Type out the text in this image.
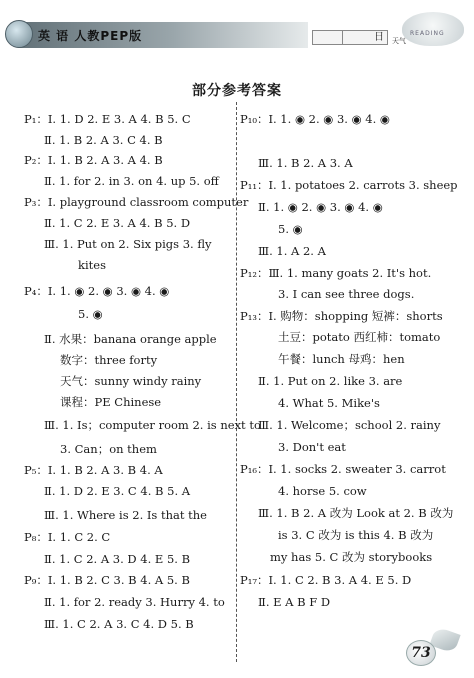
英 语 人教PEP版	日	天气
READING
部分参考答案
P₁：Ⅰ. 1. D 2. E 3. A 4. B 5. C
Ⅱ. 1. B 2. A 3. C 4. B
P₂：Ⅰ. 1. B 2. A 3. A 4. B
Ⅱ. 1. for 2. in 3. on 4. up 5. off
P₃：Ⅰ. playground classroom computer
Ⅱ. 1. C 2. E 3. A 4. B 5. D
Ⅲ. 1. Put on 2. Six pigs 3. fly
kites
P₄：Ⅰ. 1. ◉ 2. ◉ 3. ◉ 4. ◉
5. ◉
Ⅱ. 水果：banana orange apple
数字：three forty
天气：sunny windy rainy
课程：PE Chinese
Ⅲ. 1. Is；computer room 2. is next to
3. Can；on them
P₅：Ⅰ. 1. B 2. A 3. B 4. A
Ⅱ. 1. D 2. E 3. C 4. B 5. A
Ⅲ. 1. Where is 2. Is that the
P₈：Ⅰ. 1. C 2. C
Ⅱ. 1. C 2. A 3. D 4. E 5. B
P₉：Ⅰ. 1. B 2. C 3. B 4. A 5. B
Ⅱ. 1. for 2. ready 3. Hurry 4. to
Ⅲ. 1. C 2. A 3. C 4. D 5. B
P₁₀：Ⅰ. 1. ◉ 2. ◉ 3. ◉ 4. ◉
Ⅲ. 1. B 2. A 3. A
P₁₁：Ⅰ. 1. potatoes 2. carrots 3. sheep
Ⅱ. 1. ◉ 2. ◉ 3. ◉ 4. ◉
5. ◉
Ⅲ. 1. A 2. A
P₁₂：Ⅲ. 1. many goats 2. It's hot.
3. I can see three dogs.
P₁₃：Ⅰ. 购物：shopping 短裤：shorts
土豆：potato 西红柿：tomato
午餐：lunch 母鸡：hen
Ⅱ. 1. Put on 2. like 3. are
4. What 5. Mike's
Ⅲ. 1. Welcome；school 2. rainy
3. Don't eat
P₁₆：Ⅰ. 1. socks 2. sweater 3. carrot
4. horse 5. cow
Ⅲ. 1. B 2. A 改为 Look at 2. B 改为
is 3. C 改为 is this 4. B 改为
my has 5. C 改为 storybooks
P₁₇：Ⅰ. 1. C 2. B 3. A 4. E 5. D
Ⅱ. E A B F D
73
